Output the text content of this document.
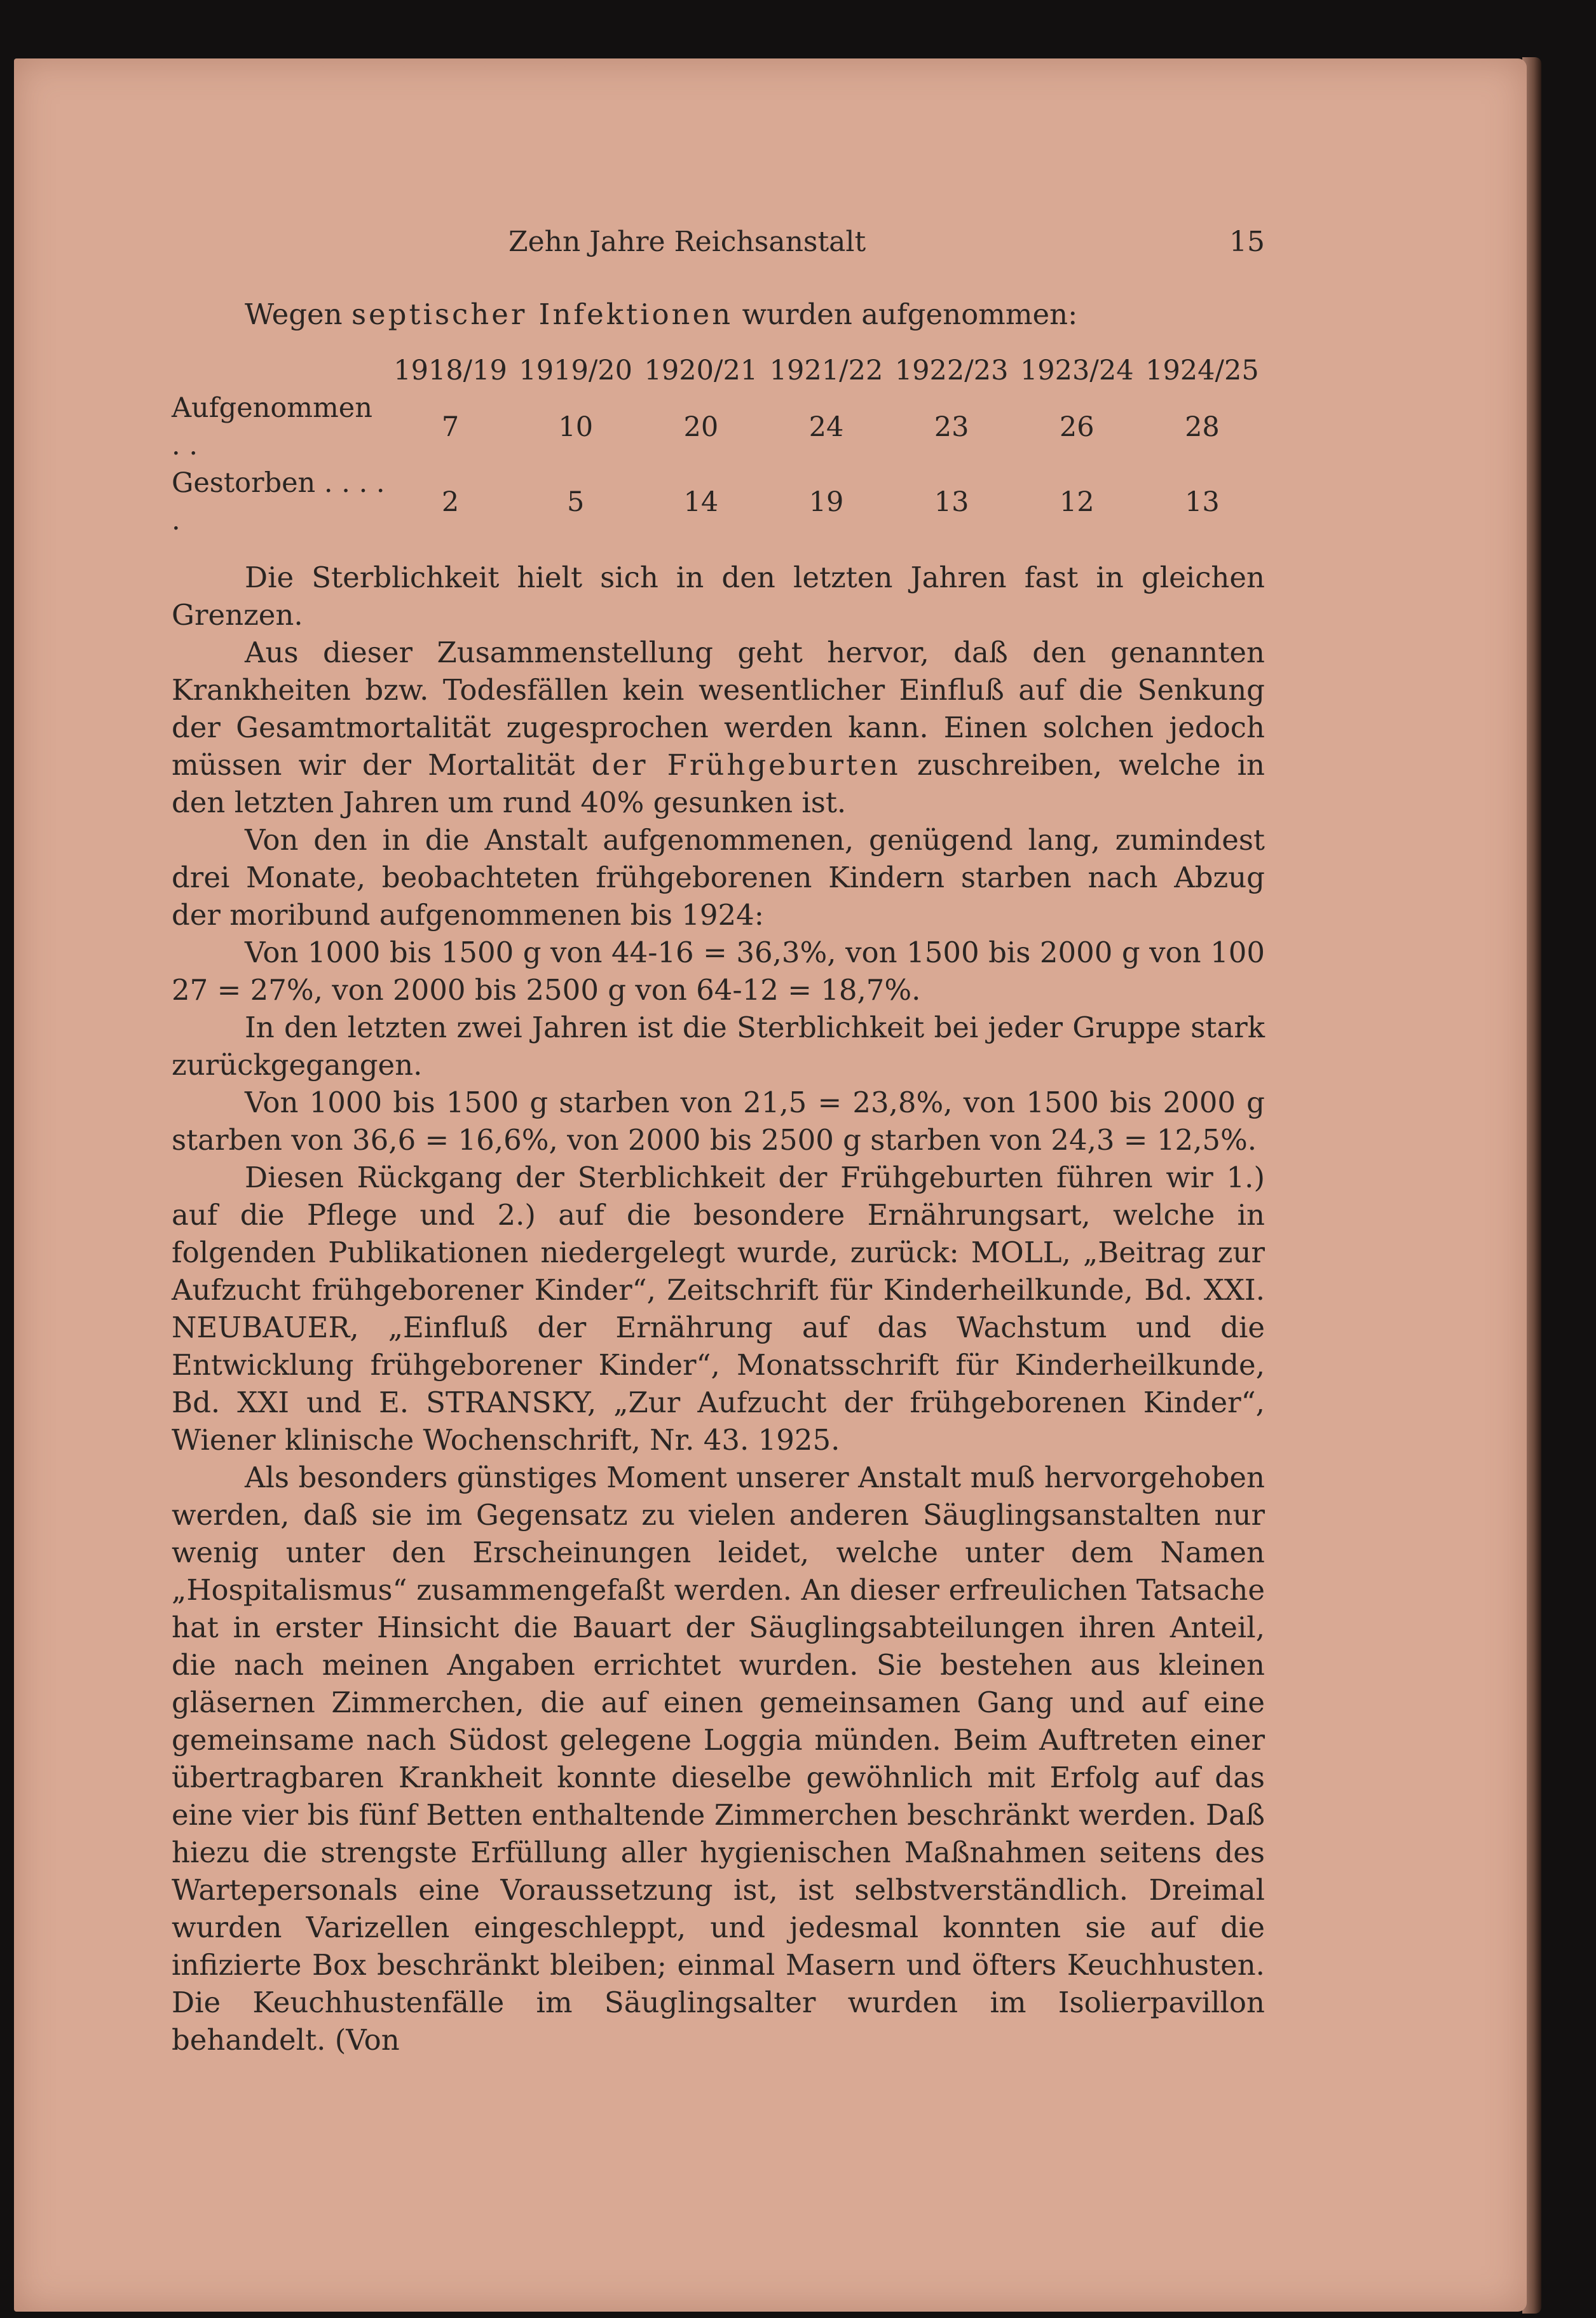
Zehn Jahre Reichsanstalt	15

Wegen septischer Infektionen wurden aufgenommen:

	1918/19	1919/20	1920/21	1921/22	1922/23	1923/24	1924/25
Aufgenommen . .	7	10	20	24	23	26	28
Gestorben . . . . .	2	5	14	19	13	12	13

Die Sterblichkeit hielt sich in den letzten Jahren fast in gleichen Grenzen.

Aus dieser Zusammenstellung geht hervor, daß den genannten Krankheiten bzw. Todesfällen kein wesentlicher Einfluß auf die Senkung der Gesamtmortalität zugesprochen werden kann. Einen solchen jedoch müssen wir der Mortalität der Frühgeburten zuschreiben, welche in den letzten Jahren um rund 40% gesunken ist.

Von den in die Anstalt aufgenommenen, genügend lang, zumindest drei Monate, beobachteten frühgeborenen Kindern starben nach Abzug der moribund aufgenommenen bis 1924:

Von 1000 bis 1500 g von 44-16 = 36,3%, von 1500 bis 2000 g von 100 27 = 27%, von 2000 bis 2500 g von 64-12 = 18,7%.

In den letzten zwei Jahren ist die Sterblichkeit bei jeder Gruppe stark zurückgegangen.

Von 1000 bis 1500 g starben von 21,5 = 23,8%, von 1500 bis 2000 g starben von 36,6 = 16,6%, von 2000 bis 2500 g starben von 24,3 = 12,5%.

Diesen Rückgang der Sterblichkeit der Frühgeburten führen wir 1.) auf die Pflege und 2.) auf die besondere Ernährungsart, welche in folgenden Publikationen niedergelegt wurde, zurück: MOLL, „Beitrag zur Aufzucht frühgeborener Kinder“, Zeitschrift für Kinderheilkunde, Bd. XXI. NEUBAUER, „Einfluß der Ernährung auf das Wachstum und die Entwicklung frühgeborener Kinder“, Monatsschrift für Kinderheilkunde, Bd. XXI und E. STRANSKY, „Zur Aufzucht der frühgeborenen Kinder“, Wiener klinische Wochenschrift, Nr. 43. 1925.

Als besonders günstiges Moment unserer Anstalt muß hervorgehoben werden, daß sie im Gegensatz zu vielen anderen Säuglingsanstalten nur wenig unter den Erscheinungen leidet, welche unter dem Namen „Hospitalismus“ zusammengefaßt werden. An dieser erfreulichen Tatsache hat in erster Hinsicht die Bauart der Säuglingsabteilungen ihren Anteil, die nach meinen Angaben errichtet wurden. Sie bestehen aus kleinen gläsernen Zimmerchen, die auf einen gemeinsamen Gang und auf eine gemeinsame nach Südost gelegene Loggia münden. Beim Auftreten einer übertragbaren Krankheit konnte dieselbe gewöhnlich mit Erfolg auf das eine vier bis fünf Betten enthaltende Zimmerchen beschränkt werden. Daß hiezu die strengste Erfüllung aller hygienischen Maßnahmen seitens des Wartepersonals eine Voraussetzung ist, ist selbstverständlich. Dreimal wurden Varizellen eingeschleppt, und jedesmal konnten sie auf die infizierte Box beschränkt bleiben; einmal Masern und öfters Keuchhusten. Die Keuchhustenfälle im Säuglingsalter wurden im Isolierpavillon behandelt. (Von
